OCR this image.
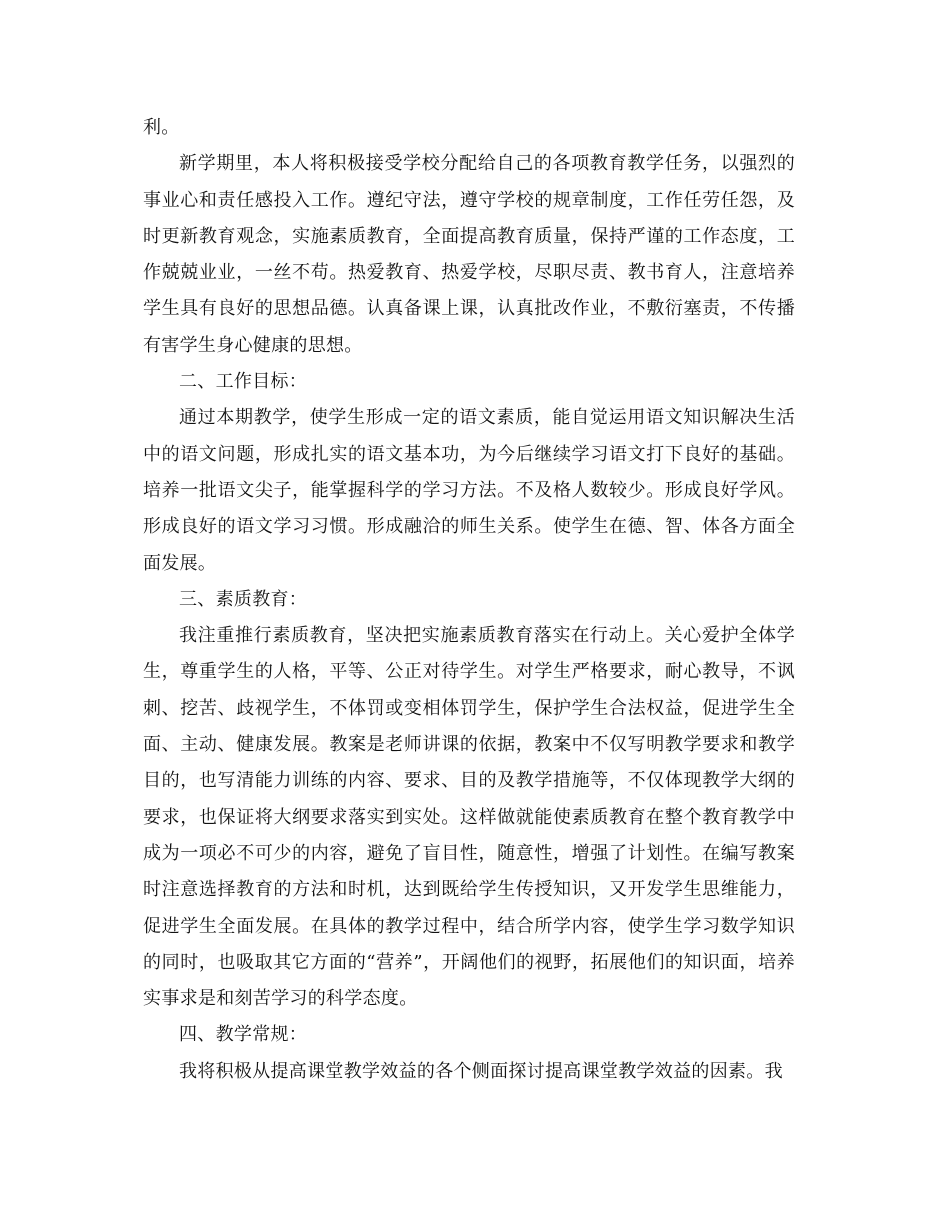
利。

新学期里，本人将积极接受学校分配给自己的各项教育教学任务，以强烈的事业心和责任感投入工作。遵纪守法，遵守学校的规章制度，工作任劳任怨，及时更新教育观念，实施素质教育，全面提高教育质量，保持严谨的工作态度，工作兢兢业业，一丝不苟。热爱教育、热爱学校，尽职尽责、教书育人，注意培养学生具有良好的思想品德。认真备课上课，认真批改作业，不敷衍塞责，不传播有害学生身心健康的思想。

二、工作目标：

通过本期教学，使学生形成一定的语文素质，能自觉运用语文知识解决生活中的语文问题，形成扎实的语文基本功，为今后继续学习语文打下良好的基础。培养一批语文尖子，能掌握科学的学习方法。不及格人数较少。形成良好学风。形成良好的语文学习习惯。形成融洽的师生关系。使学生在德、智、体各方面全面发展。

三、素质教育：

我注重推行素质教育，坚决把实施素质教育落实在行动上。关心爱护全体学生，尊重学生的人格，平等、公正对待学生。对学生严格要求，耐心教导，不讽刺、挖苦、歧视学生，不体罚或变相体罚学生，保护学生合法权益，促进学生全面、主动、健康发展。教案是老师讲课的依据，教案中不仅写明教学要求和教学目的，也写清能力训练的内容、要求、目的及教学措施等，不仅体现教学大纲的要求，也保证将大纲要求落实到实处。这样做就能使素质教育在整个教育教学中成为一项必不可少的内容，避免了盲目性，随意性，增强了计划性。在编写教案时注意选择教育的方法和时机，达到既给学生传授知识，又开发学生思维能力，促进学生全面发展。在具体的教学过程中，结合所学内容，使学生学习数学知识的同时，也吸取其它方面的“营养”，开阔他们的视野，拓展他们的知识面，培养实事求是和刻苦学习的科学态度。

四、教学常规：

我将积极从提高课堂教学效益的各个侧面探讨提高课堂教学效益的因素。我
